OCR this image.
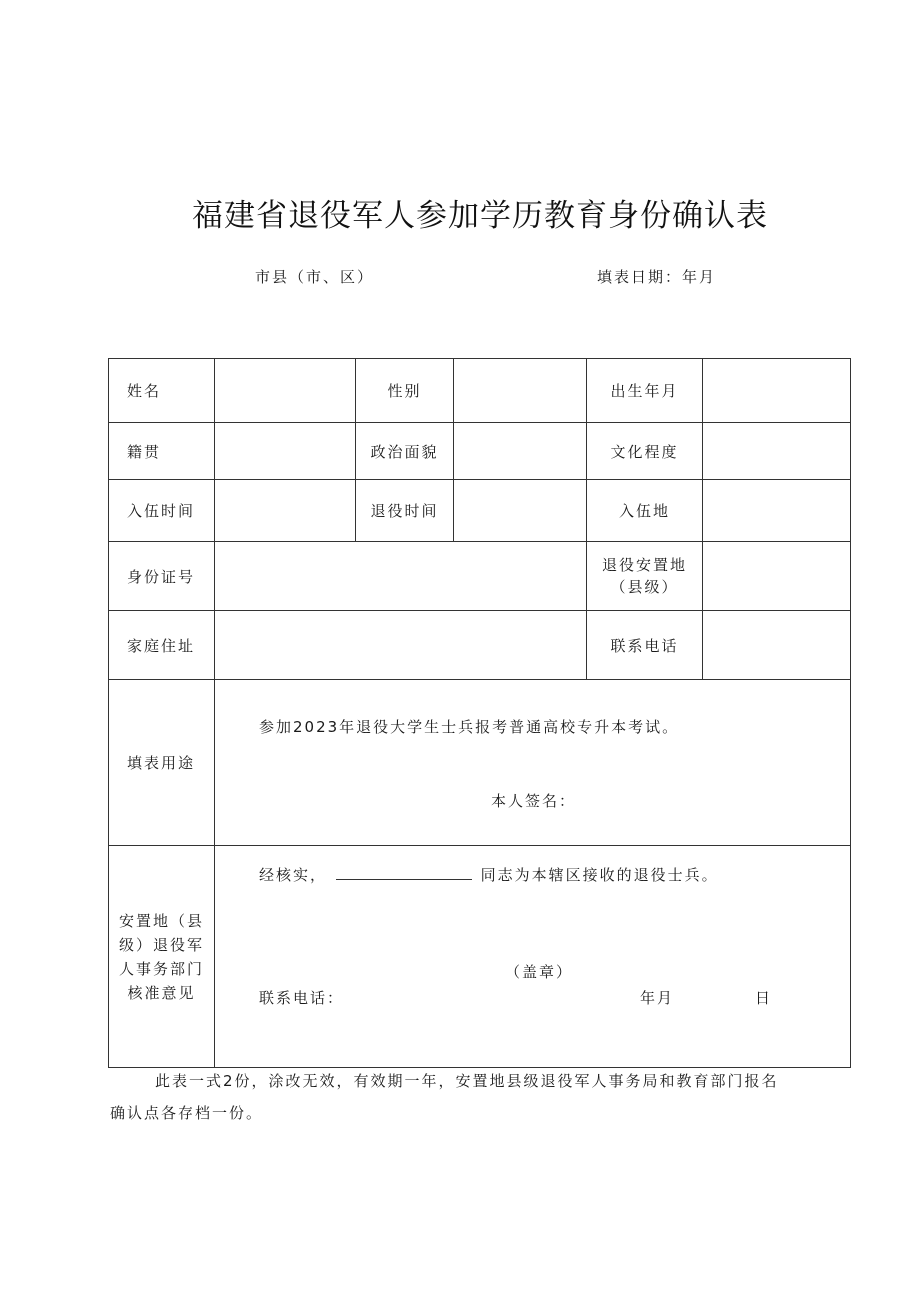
福建省退役军人参加学历教育身份确认表
市县（市、区）	填表日期：年月
姓名		性别		出生年月	
籍贯		政治面貌		文化程度	
入伍时间		退役时间		入伍地	
身份证号				退役安置地
（县级）	

家庭住址				联系电话	
填表用途	参加2023年退役大学生士兵报考普通高校专升本考试。
本人签名：				

安置地（县级）退役军人事务部门核准意见	经核实， 同志为本辖区接收的退役士兵。
（盖章）
联系电话： 年月 日				
此表一式2份，涂改无效，有效期一年，安置地县级退役军人事务局和教育部门报名
确认点各存档一份。
